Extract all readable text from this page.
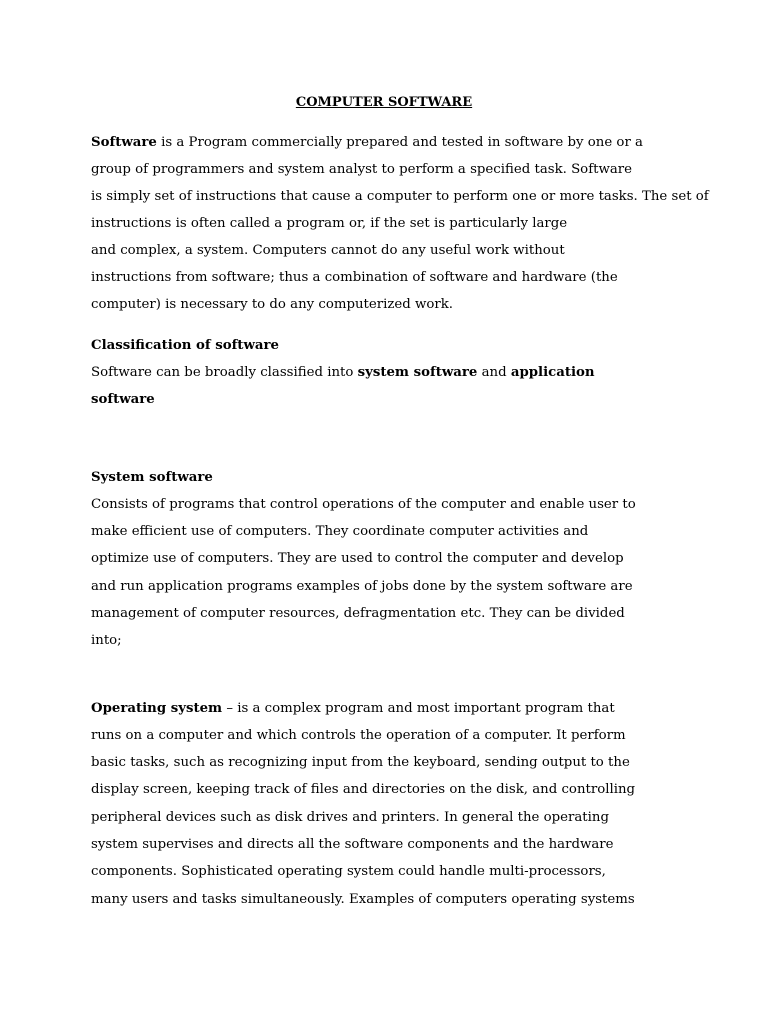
COMPUTER SOFTWARE
Software is a Program commercially prepared and tested in software by one or a
group of programmers and system analyst to perform a specified task. Software
is simply set of instructions that cause a computer to perform one or more tasks. The set of
instructions is often called a program or, if the set is particularly large
and complex, a system. Computers cannot do any useful work without
instructions from software; thus a combination of software and hardware (the
computer) is necessary to do any computerized work.
Classification of software
Software can be broadly classified into system software and application
software
System software
Consists of programs that control operations of the computer and enable user to
make efficient use of computers. They coordinate computer activities and
optimize use of computers. They are used to control the computer and develop
and run application programs examples of jobs done by the system software are
management of computer resources, defragmentation etc. They can be divided
into;
Operating system – is a complex program and most important program that
runs on a computer and which controls the operation of a computer. It perform
basic tasks, such as recognizing input from the keyboard, sending output to the
display screen, keeping track of files and directories on the disk, and controlling
peripheral devices such as disk drives and printers. In general the operating
system supervises and directs all the software components and the hardware
components. Sophisticated operating system could handle multi-processors,
many users and tasks simultaneously. Examples of computers operating systems
